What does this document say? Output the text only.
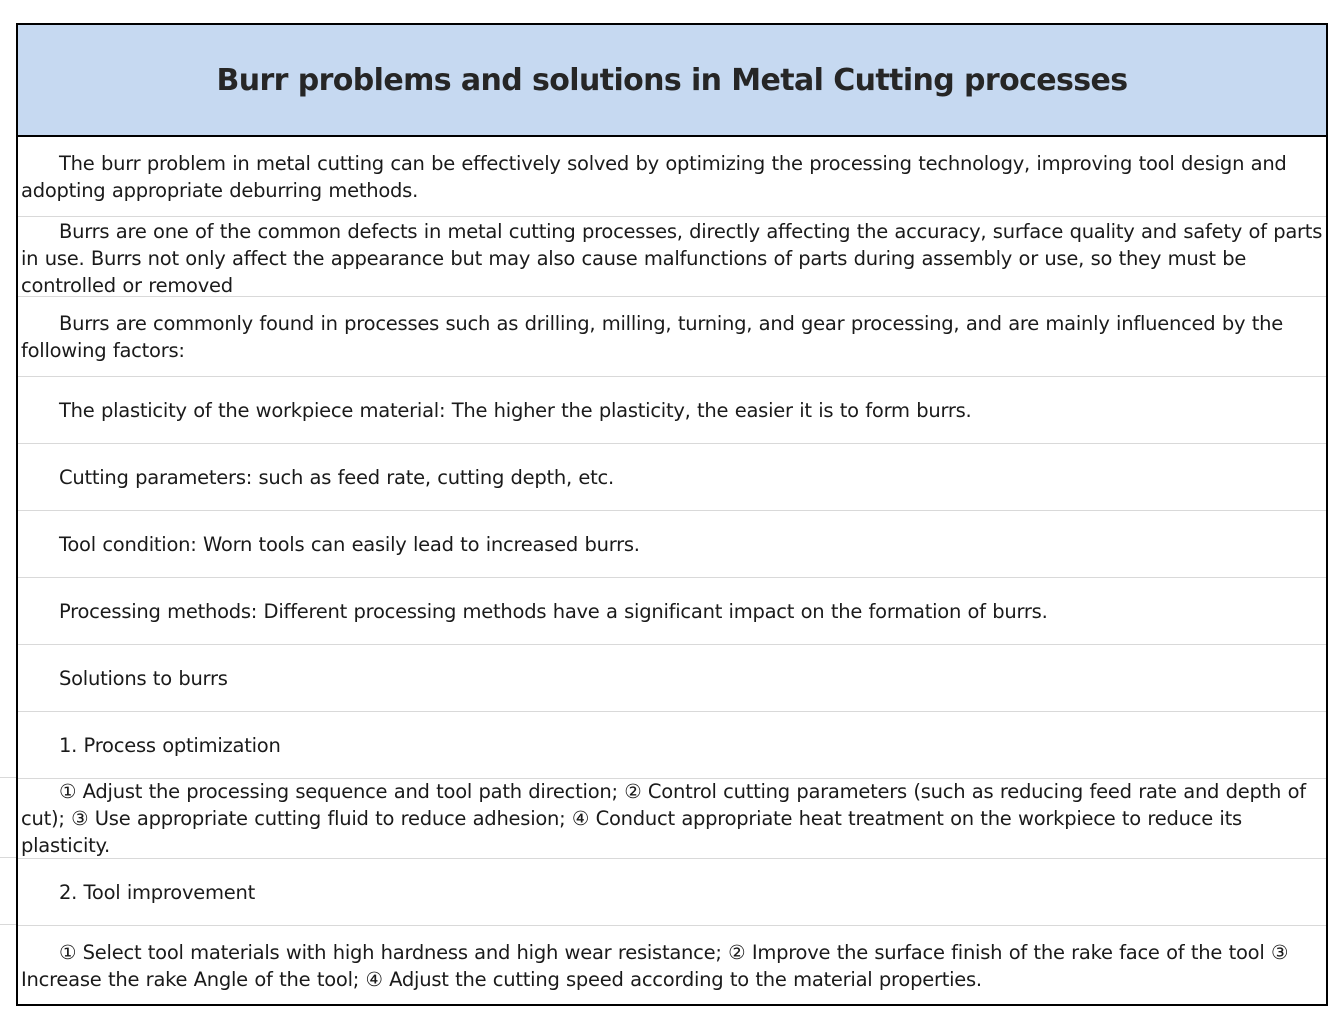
Burr problems and solutions in Metal Cutting processes

The burr problem in metal cutting can be effectively solved by optimizing the processing technology, improving tool design and adopting appropriate deburring methods.

Burrs are one of the common defects in metal cutting processes, directly affecting the accuracy, surface quality and safety of parts in use. Burrs not only affect the appearance but may also cause malfunctions of parts during assembly or use, so they must be controlled or removed

Burrs are commonly found in processes such as drilling, milling, turning, and gear processing, and are mainly influenced by the following factors:

The plasticity of the workpiece material: The higher the plasticity, the easier it is to form burrs.

Cutting parameters: such as feed rate, cutting depth, etc.

Tool condition: Worn tools can easily lead to increased burrs.

Processing methods: Different processing methods have a significant impact on the formation of burrs.

Solutions to burrs

1. Process optimization

① Adjust the processing sequence and tool path direction; ② Control cutting parameters (such as reducing feed rate and depth of cut); ③ Use appropriate cutting fluid to reduce adhesion; ④ Conduct appropriate heat treatment on the workpiece to reduce its plasticity.

2. Tool improvement

① Select tool materials with high hardness and high wear resistance; ② Improve the surface finish of the rake face of the tool ③ Increase the rake Angle of the tool; ④ Adjust the cutting speed according to the material properties.
